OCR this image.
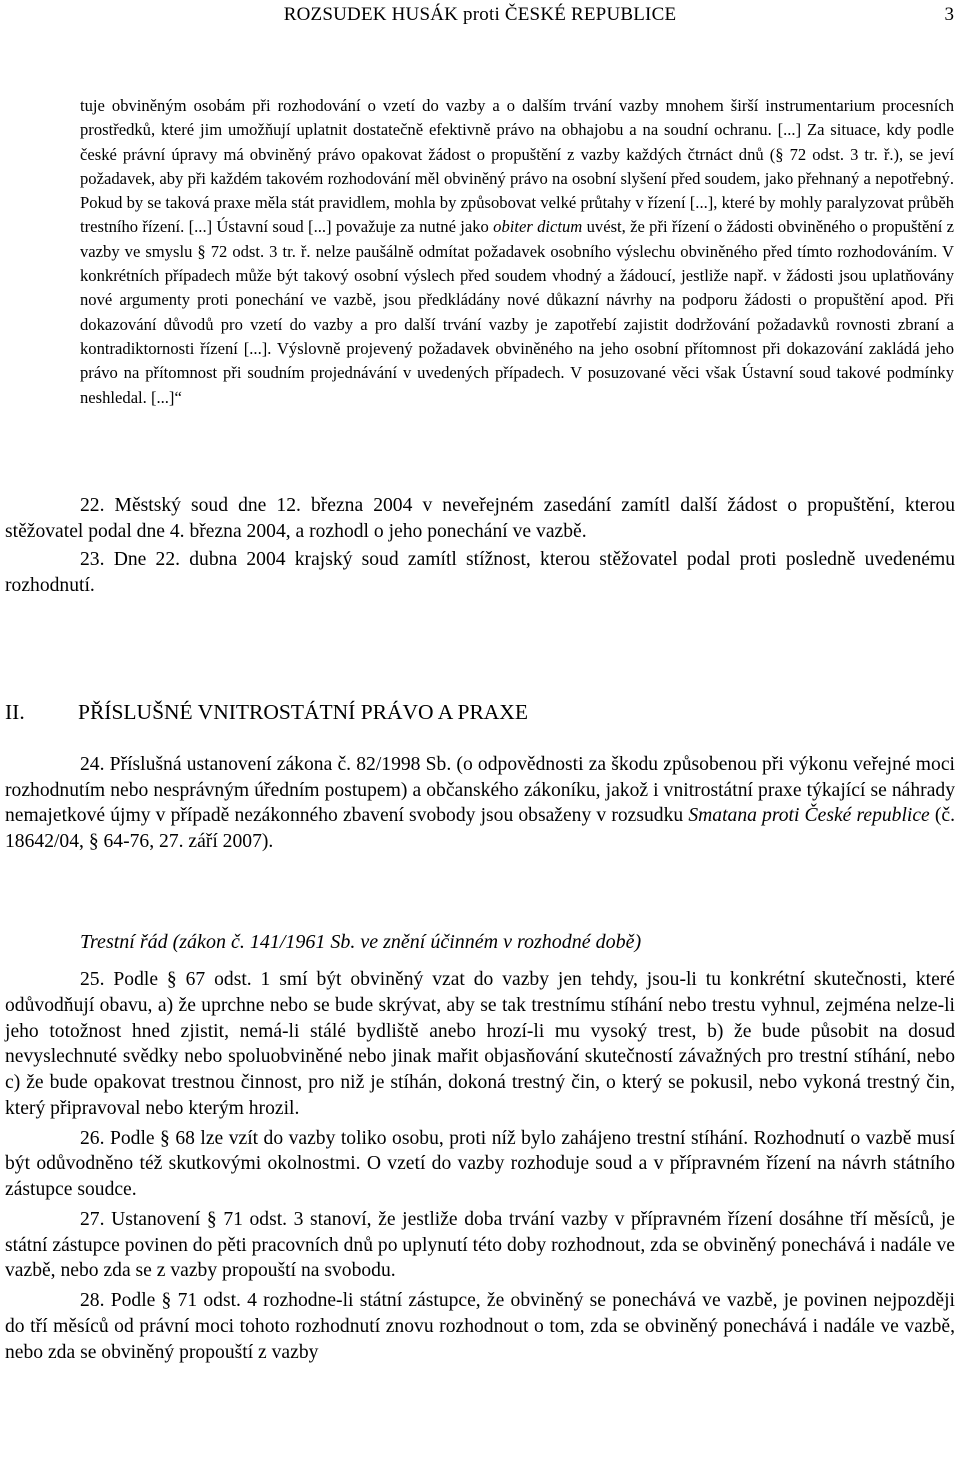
ROZSUDEK HUSÁK proti ČESKÉ REPUBLICE	3

tuje obviněným osobám při rozhodování o vzetí do vazby a o dalším trvání vazby mnohem širší instrumentarium procesních prostředků, které jim umožňují uplatnit dostatečně efektivně právo na obhajobu a na soudní ochranu. [...] Za situace, kdy podle české právní úpravy má obviněný právo opakovat žádost o propuštění z vazby každých čtrnáct dnů (§ 72 odst. 3 tr. ř.), se jeví požadavek, aby při každém takovém rozhodování měl obviněný právo na osobní slyšení před soudem, jako přehnaný a nepotřebný. Pokud by se taková praxe měla stát pravidlem, mohla by způsobovat velké průtahy v řízení [...], které by mohly paralyzovat průběh trestního řízení. [...] Ústavní soud [...] považuje za nutné jako obiter dictum uvést, že při řízení o žádosti obviněného o propuštění z vazby ve smyslu § 72 odst. 3 tr. ř. nelze paušálně odmítat požadavek osobního výslechu obviněného před tímto rozhodováním. V konkrétních případech může být takový osobní výslech před soudem vhodný a žádoucí, jestliže např. v žádosti jsou uplatňovány nové argumenty proti ponechání ve vazbě, jsou předkládány nové důkazní návrhy na podporu žádosti o propuštění apod. Při dokazování důvodů pro vzetí do vazby a pro další trvání vazby je zapotřebí zajistit dodržování požadavků rovnosti zbraní a kontradiktornosti řízení [...]. Výslovně projevený požadavek obviněného na jeho osobní přítomnost při dokazování zakládá jeho právo na přítomnost při soudním projednávání v uvedených případech. V posuzované věci však Ústavní soud takové podmínky neshledal. [...]“

22. Městský soud dne 12. března 2004 v neveřejném zasedání zamítl další žádost o propuštění, kterou stěžovatel podal dne 4. března 2004, a rozhodl o jeho ponechání ve vazbě.

23. Dne 22. dubna 2004 krajský soud zamítl stížnost, kterou stěžovatel podal proti posledně uvedenému rozhodnutí.

II. PŘÍSLUŠNÉ VNITROSTÁTNÍ PRÁVO A PRAXE

24. Příslušná ustanovení zákona č. 82/1998 Sb. (o odpovědnosti za škodu způsobenou při výkonu veřejné moci rozhodnutím nebo nesprávným úředním postupem) a občanského zákoníku, jakož i vnitrostátní praxe týkající se náhrady nemajetkové újmy v případě nezákonného zbavení svobody jsou obsaženy v rozsudku Smatana proti České republice (č. 18642/04, § 64-76, 27. září 2007).

Trestní řád (zákon č. 141/1961 Sb. ve znění účinném v rozhodné době)

25. Podle § 67 odst. 1 smí být obviněný vzat do vazby jen tehdy, jsou-li tu konkrétní skutečnosti, které odůvodňují obavu, a) že uprchne nebo se bude skrývat, aby se tak trestnímu stíhání nebo trestu vyhnul, zejména nelze-li jeho totožnost hned zjistit, nemá-li stálé bydliště anebo hrozí-li mu vysoký trest, b) že bude působit na dosud nevyslechnuté svědky nebo spoluobviněné nebo jinak mařit objasňování skutečností závažných pro trestní stíhání, nebo c) že bude opakovat trestnou činnost, pro niž je stíhán, dokoná trestný čin, o který se pokusil, nebo vykoná trestný čin, který připravoval nebo kterým hrozil.

26. Podle § 68 lze vzít do vazby toliko osobu, proti níž bylo zahájeno trestní stíhání. Rozhodnutí o vazbě musí být odůvodněno též skutkovými okolnostmi. O vzetí do vazby rozhoduje soud a v přípravném řízení na návrh státního zástupce soudce.

27. Ustanovení § 71 odst. 3 stanoví, že jestliže doba trvání vazby v přípravném řízení dosáhne tří měsíců, je státní zástupce povinen do pěti pracovních dnů po uplynutí této doby rozhodnout, zda se obviněný ponechává i nadále ve vazbě, nebo zda se z vazby propouští na svobodu.

28. Podle § 71 odst. 4 rozhodne-li státní zástupce, že obviněný se ponechává ve vazbě, je povinen nejpozději do tří měsíců od právní moci tohoto rozhodnutí znovu rozhodnout o tom, zda se obviněný ponechává i nadále ve vazbě, nebo zda se obviněný propouští z vazby
